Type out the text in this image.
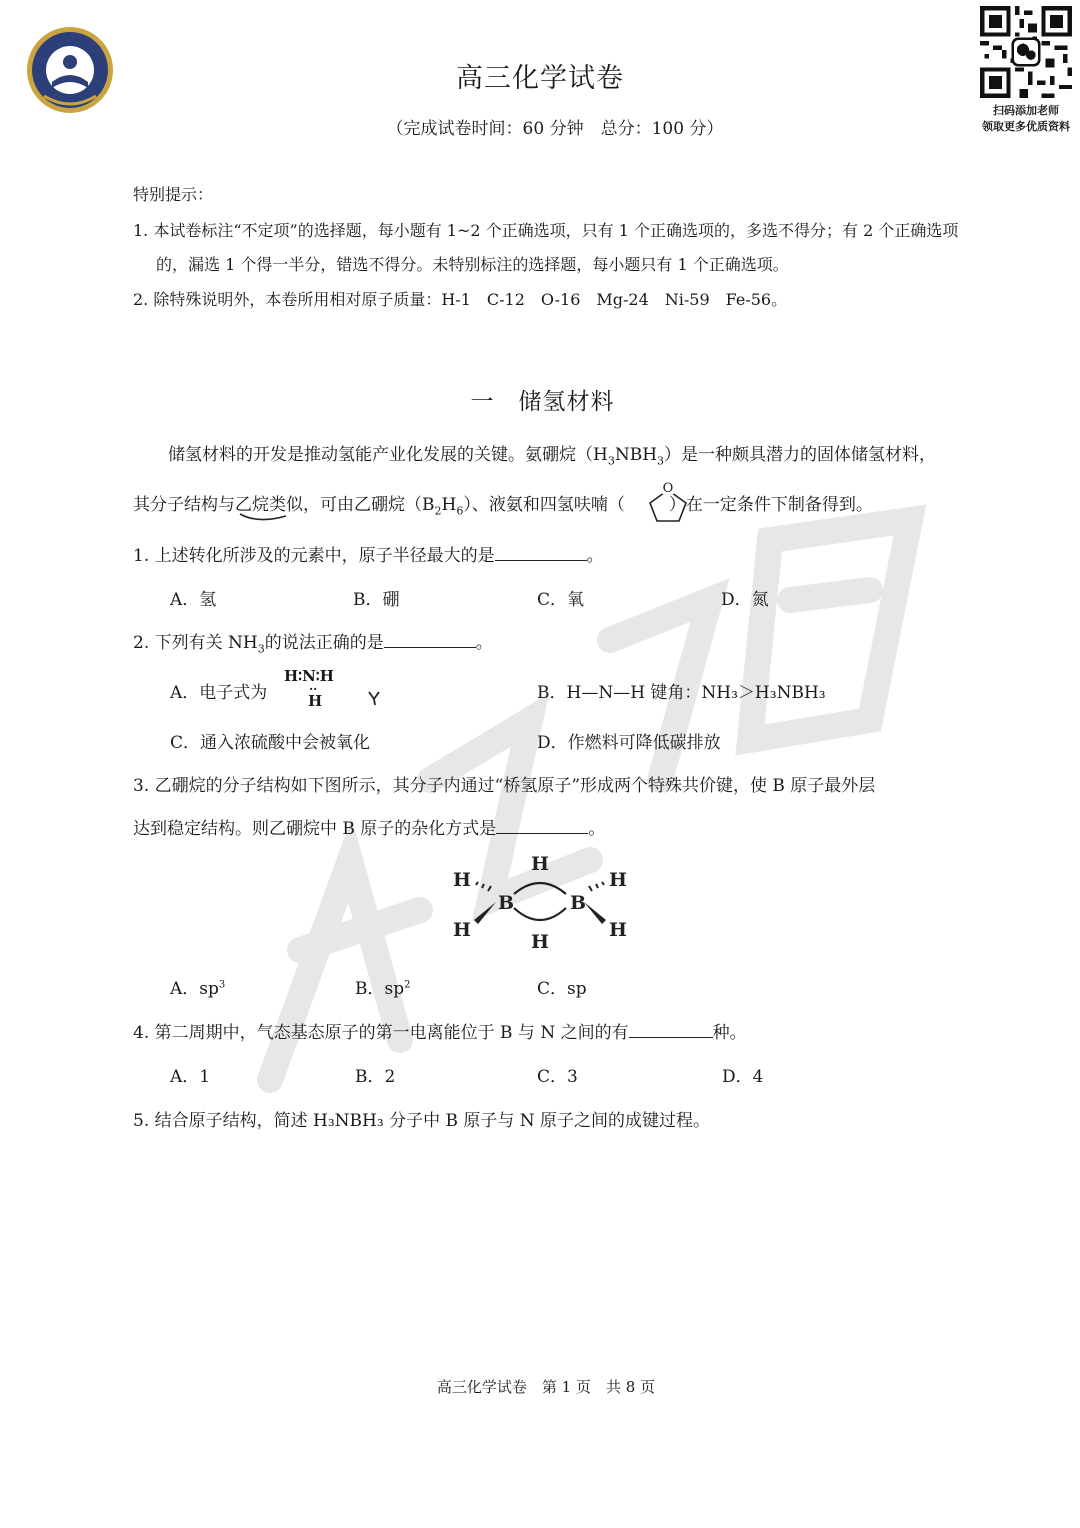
扫码添加老师
领取更多优质资料
高三化学试卷
（完成试卷时间：60 分钟　总分：100 分）
特别提示：
1. 本试卷标注“不定项”的选择题，每小题有 1~2 个正确选项，只有 1 个正确选项的，多选不得分；有 2 个正确选项
的，漏选 1 个得一半分，错选不得分。未特别标注的选择题，每小题只有 1 个正确选项。
2. 除特殊说明外，本卷所用相对原子质量：H-1　C-12　O-16　Mg-24　Ni-59　Fe-56。
一　储氢材料
储氢材料的开发是推动氢能产业化发展的关键。氨硼烷$(H_3NBH_3)$是一种颇具潜力的固体储氢材料，
其分子结构与乙烷类似，可由乙硼烷$(B_2H_6)$、液氨和四氢呋喃（	）在一定条件下制备得到。
O
1. 上述转化所涉及的元素中，原子半径最大的是	。
A．氢	B．硼	C．氧	D．氮
2. 下列有关 $NH_3$的说法正确的是	。
A．电子式为
H∶N∶H
··
H	B．H—N—H 键角：NH₃＞H₃NBH₃
C．通入浓硫酸中会被氧化	D．作燃料可降低碳排放
3. 乙硼烷的分子结构如下图所示，其分子内通过“桥氢原子”形成两个特殊共价键，使 B 原子最外层
达到稳定结构。则乙硼烷中 B 原子的杂化方式是	。
H
H
B	B
H
H
H
H
A．$sp^3$	B．$sp^2$	C．sp
4. 第二周期中，气态基态原子的第一电离能位于 B 与 N 之间的有	种。
A．1	B．2	C．3	D．4
5. 结合原子结构，简述 H₃NBH₃ 分子中 B 原子与 N 原子之间的成键过程。
高三化学试卷　第 1 页　共 8 页
